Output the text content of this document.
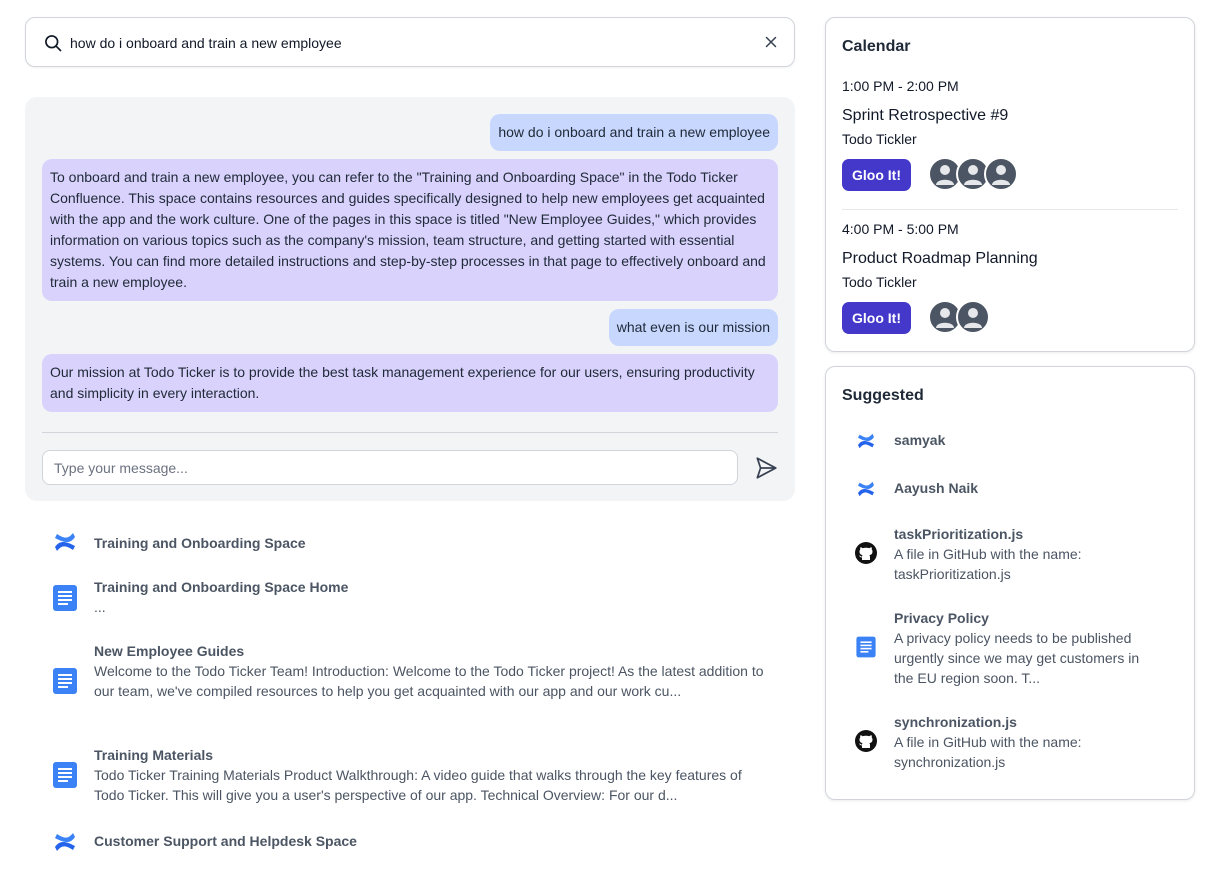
how do i onboard and train a new employee
how do i onboard and train a new employee
To onboard and train a new employee, you can refer to the "Training and Onboarding Space" in the Todo Ticker Confluence. This space contains resources and guides specifically designed to help new employees get acquainted with the app and the work culture. One of the pages in this space is titled "New Employee Guides," which provides information on various topics such as the company's mission, team structure, and getting started with essential systems. You can find more detailed instructions and step-by-step processes in that page to effectively onboard and train a new employee.
what even is our mission
Our mission at Todo Ticker is to provide the best task management experience for our users, ensuring productivity and simplicity in every interaction.
Type your message...
Training and Onboarding Space
Training and Onboarding Space Home
...
New Employee Guides
Welcome to the Todo Ticker Team! Introduction: Welcome to the Todo Ticker project! As the latest addition to our team, we've compiled resources to help you get acquainted with our app and our work cu...
Training Materials
Todo Ticker Training Materials Product Walkthrough: A video guide that walks through the key features of Todo Ticker. This will give you a user's perspective of our app. Technical Overview: For our d...
Customer Support and Helpdesk Space
Calendar
1:00 PM - 2:00 PM
Sprint Retrospective #9
Todo Tickler
Gloo It!
4:00 PM - 5:00 PM
Product Roadmap Planning
Todo Tickler
Gloo It!
Suggested
samyak
Aayush Naik
taskPrioritization.js
A file in GitHub with the name: taskPrioritization.js
Privacy Policy
A privacy policy needs to be published urgently since we may get customers in the EU region soon. T...
synchronization.js
A file in GitHub with the name: synchronization.js
